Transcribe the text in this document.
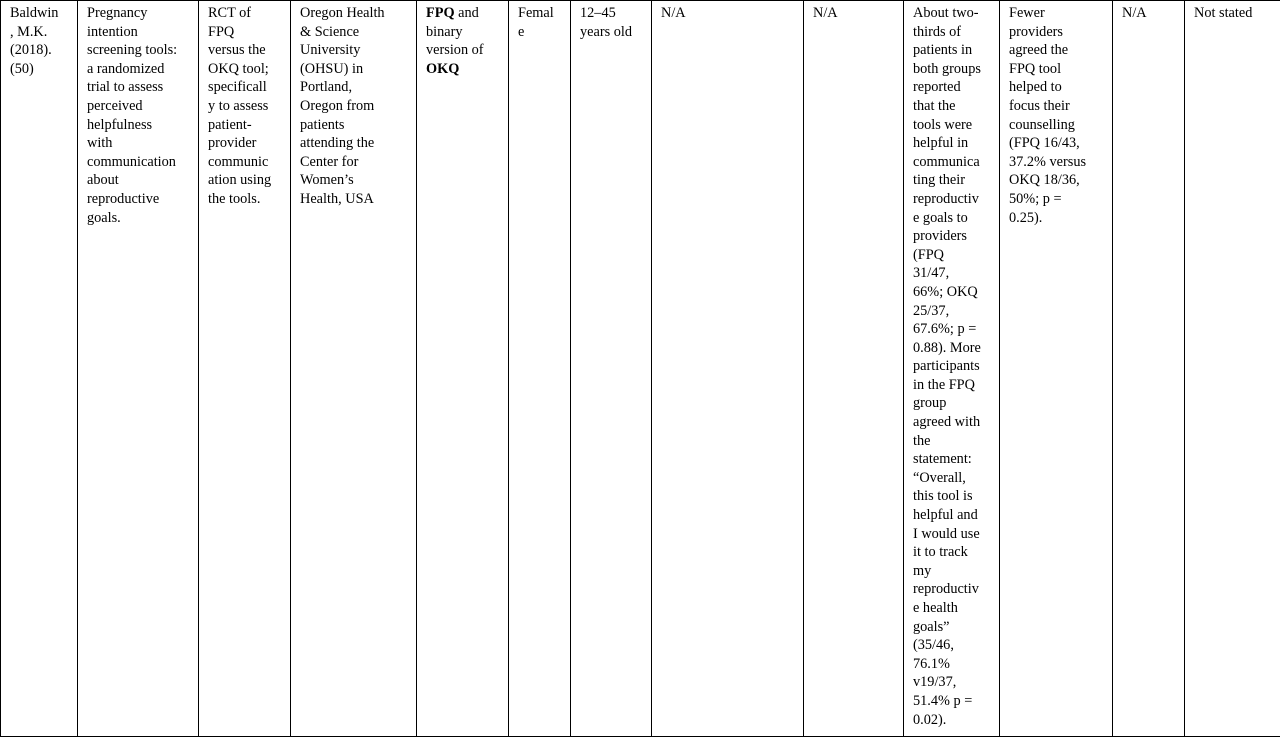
Baldwin
, M.K.
(2018).
(50)

Pregnancy
intention
screening tools:
a randomized
trial to assess
perceived
helpfulness
with
communication
about
reproductive
goals.

RCT of
FPQ
versus the
OKQ tool;
specificall
y to assess
patient-
provider
communic
ation using
the tools.

Oregon Health
& Science
University
(OHSU) in
Portland,
Oregon from
patients
attending the
Center for
Women’s
Health, USA

FPQ and
binary
version of
OKQ

Femal
e

12–45
years old

N/A	N/A	About two-
thirds of
patients in
both groups
reported
that the
tools were
helpful in
communica
ting their
reproductiv
e goals to
providers
(FPQ
31/47,
66%; OKQ
25/37,
67.6%; p =
0.88). More
participants
in the FPQ
group
agreed with
the
statement:
“Overall,
this tool is
helpful and
I would use
it to track
my
reproductiv
e health
goals”
(35/46,
76.1%
v19/37,
51.4% p =
0.02).

Fewer
providers
agreed the
FPQ tool
helped to
focus their
counselling
(FPQ 16/43,
37.2% versus
OKQ 18/36,
50%; p =
0.25).

N/A	Not stated
